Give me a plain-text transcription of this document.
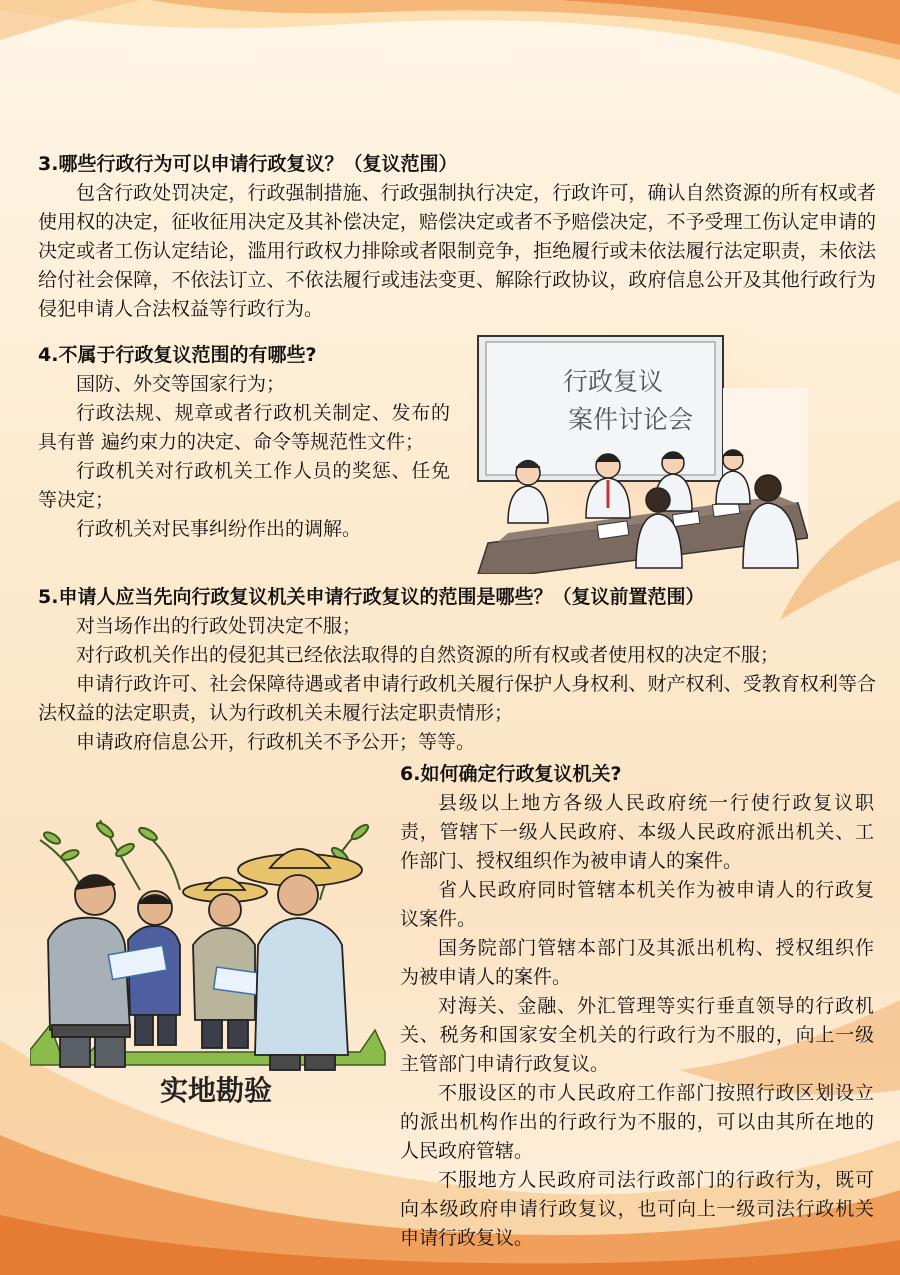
3.哪些行政行为可以申请行政复议？（复议范围）

包含行政处罚决定，行政强制措施、行政强制执行决定，行政许可，确认自然资源的所有权或者使用权的决定，征收征用决定及其补偿决定，赔偿决定或者不予赔偿决定，不予受理工伤认定申请的决定或者工伤认定结论，滥用行政权力排除或者限制竞争，拒绝履行或未依法履行法定职责，未依法给付社会保障，不依法订立、不依法履行或违法变更、解除行政协议，政府信息公开及其他行政行为侵犯申请人合法权益等行政行为。

4.不属于行政复议范围的有哪些?

国防、外交等国家行为；

行政法规、规章或者行政机关制定、发布的具有普 遍约束力的决定、命令等规范性文件；

行政机关对行政机关工作人员的奖惩、任免等决定；

行政机关对民事纠纷作出的调解。

5.申请人应当先向行政复议机关申请行政复议的范围是哪些？（复议前置范围）

对当场作出的行政处罚决定不服；

对行政机关作出的侵犯其已经依法取得的自然资源的所有权或者使用权的决定不服；

申请行政许可、社会保障待遇或者申请行政机关履行保护人身权利、财产权利、受教育权利等合法权益的法定职责，认为行政机关未履行法定职责情形；

申请政府信息公开，行政机关不予公开；等等。

6.如何确定行政复议机关?

县级以上地方各级人民政府统一行使行政复议职责，管辖下一级人民政府、本级人民政府派出机关、工作部门、授权组织作为被申请人的案件。

省人民政府同时管辖本机关作为被申请人的行政复议案件。

国务院部门管辖本部门及其派出机构、授权组织作为被申请人的案件。

对海关、金融、外汇管理等实行垂直领导的行政机关、税务和国家安全机关的行政行为不服的，向上一级主管部门申请行政复议。

不服设区的市人民政府工作部门按照行政区划设立的派出机构作出的行政行为不服的，可以由其所在地的人民政府管辖。

不服地方人民政府司法行政部门的行政行为，既可向本级政府申请行政复议，也可向上一级司法行政机关申请行政复议。

行政复议
案件讨论会
实地勘验
